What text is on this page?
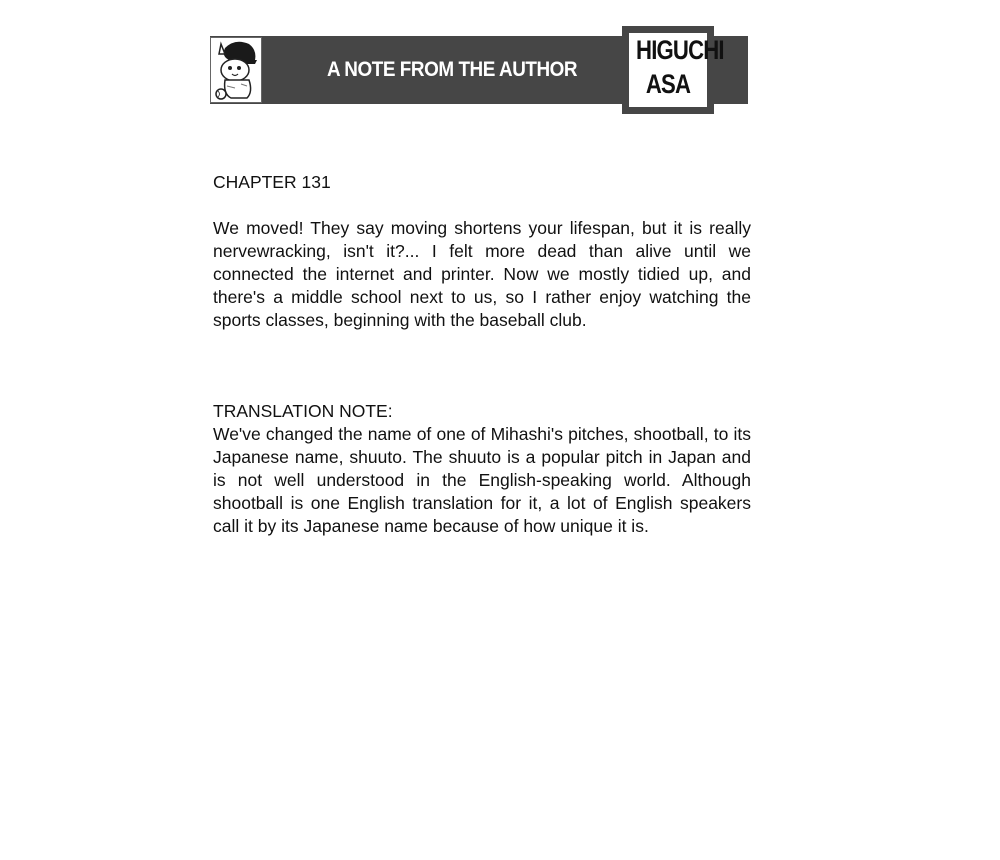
A NOTE FROM THE AUTHOR
HIGUCHI
ASA
CHAPTER 131

We moved! They say moving shortens your lifespan, but it is really nervewracking, isn't it?... I felt more dead than alive until we connected the internet and printer. Now we mostly tidied up, and there's a middle school next to us, so I rather enjoy watching the sports classes, beginning with the baseball club.

TRANSLATION NOTE:

We've changed the name of one of Mihashi's pitches, shootball, to its Japanese name, shuuto. The shuuto is a popular pitch in Japan and is not well understood in the English-speaking world. Although shootball is one English translation for it, a lot of English speakers call it by its Japanese name because of how unique it is.
